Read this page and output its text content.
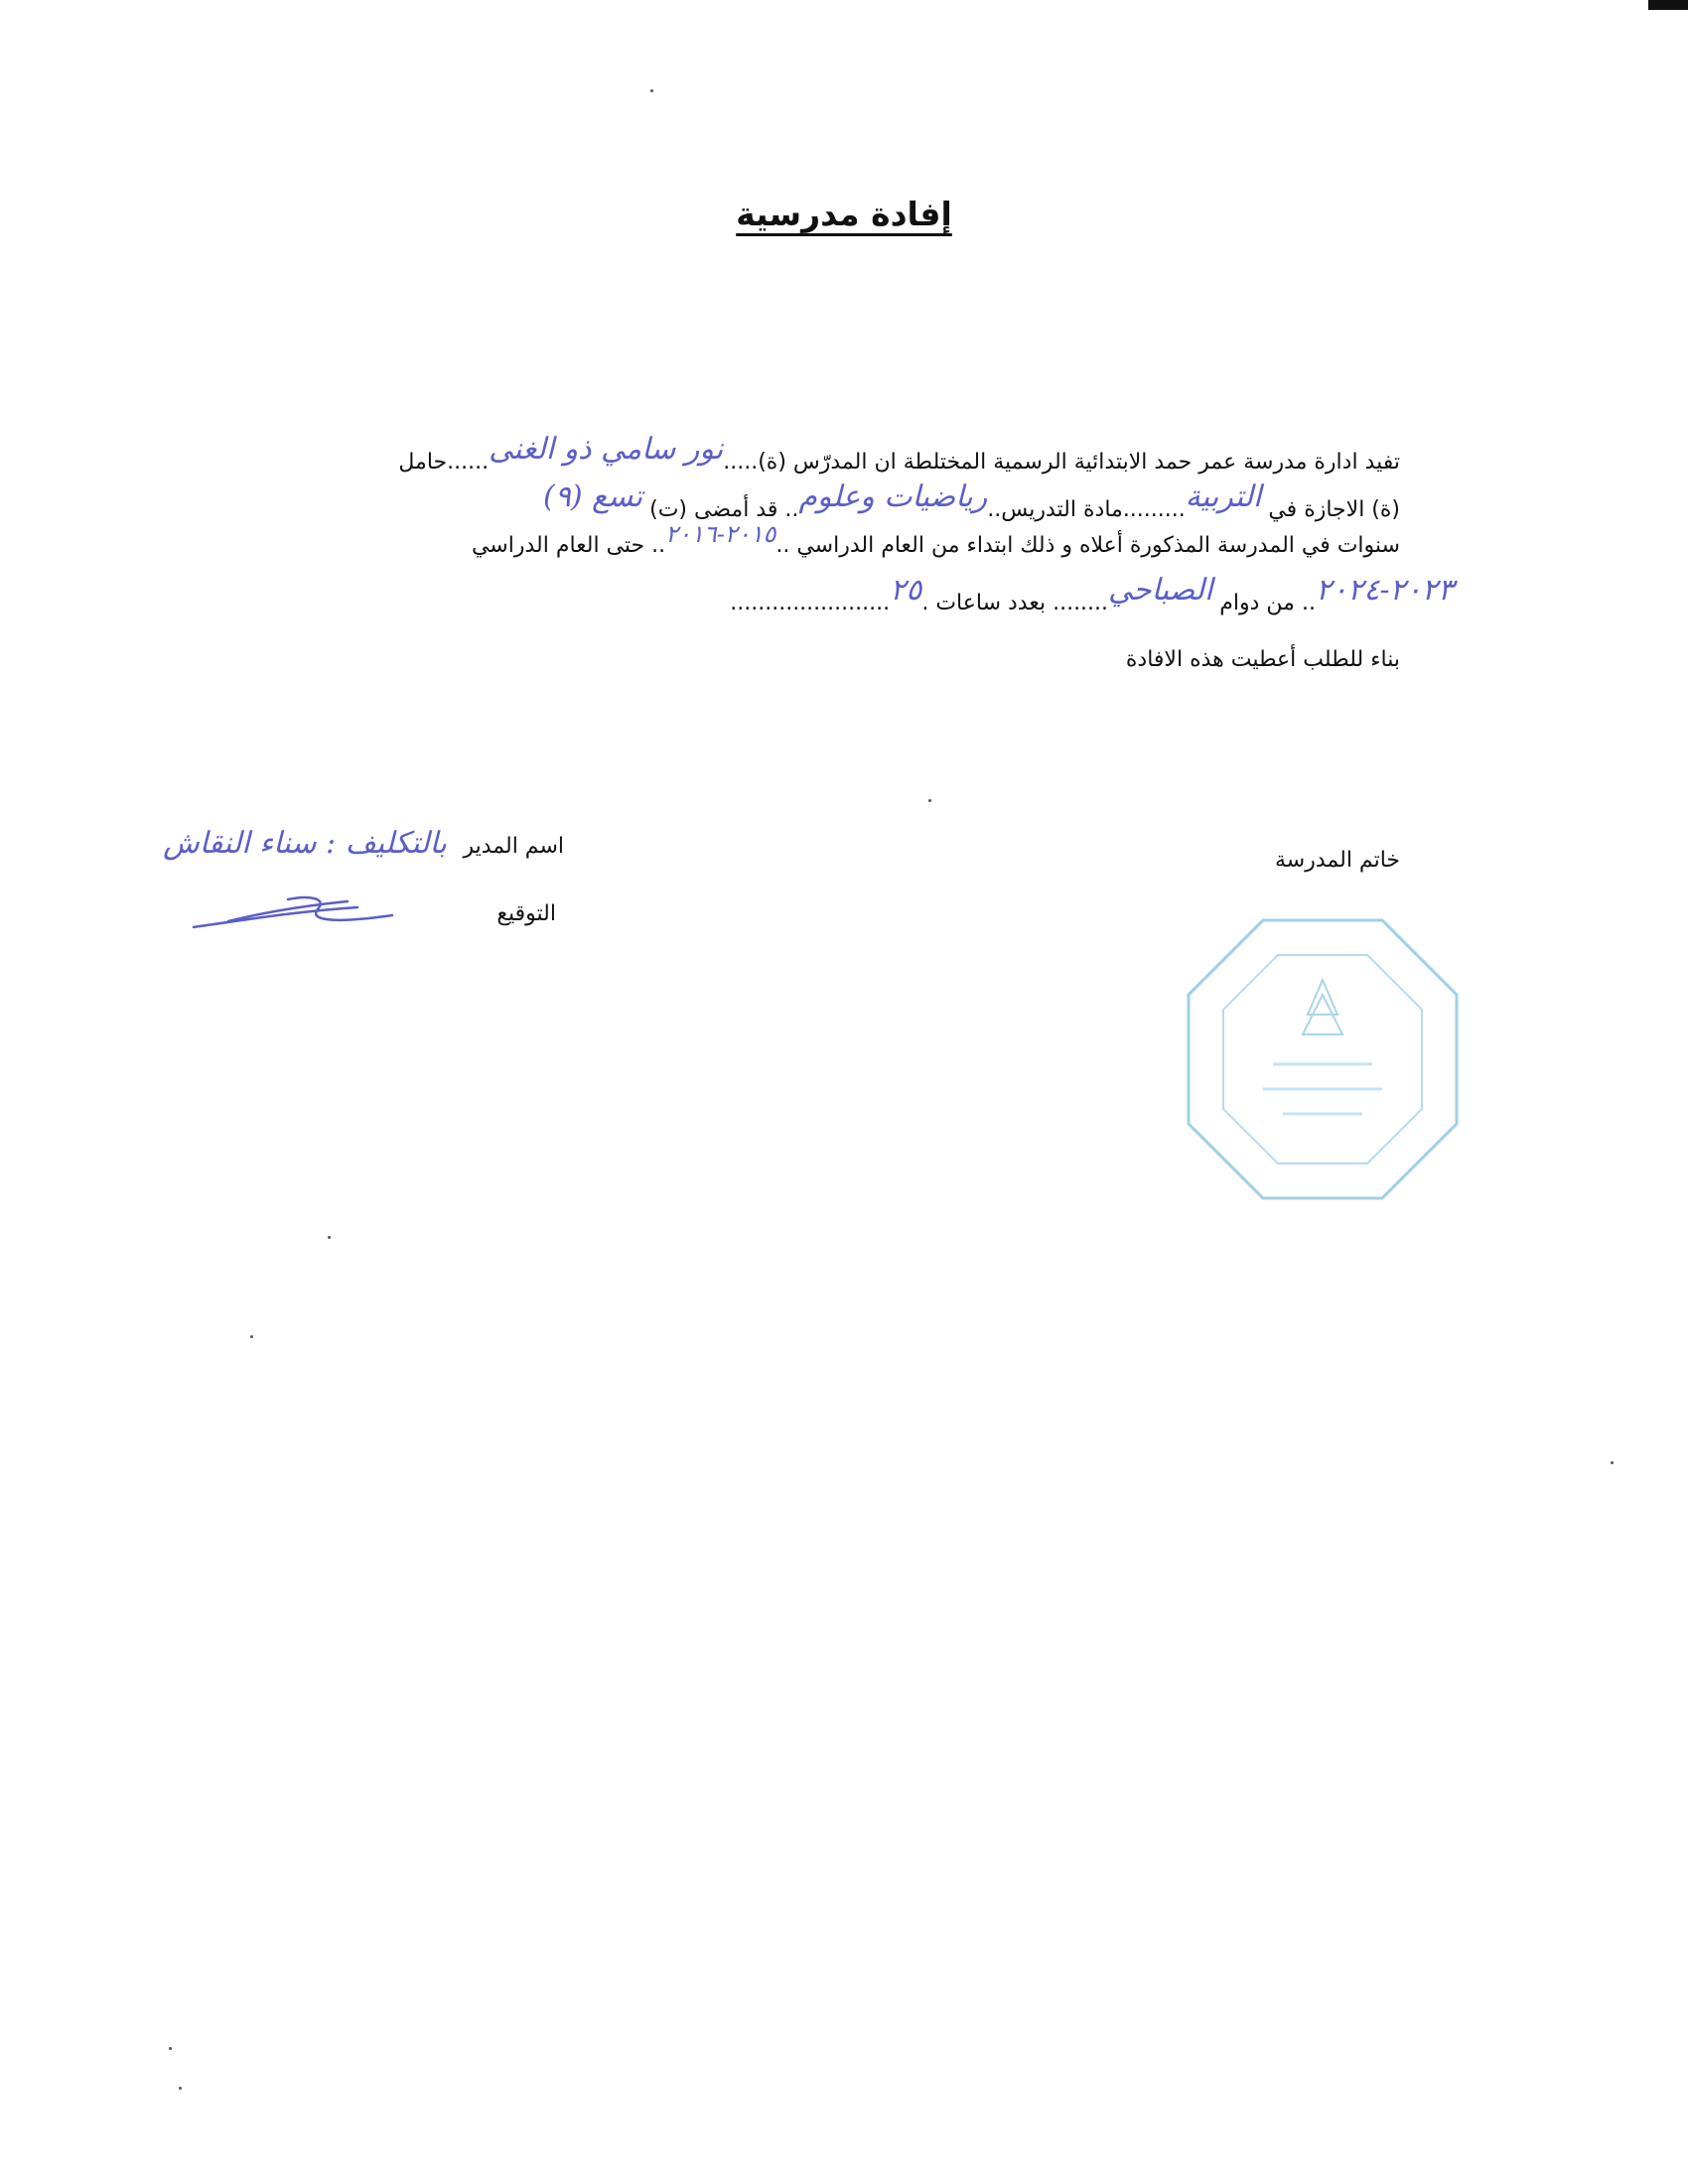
إفادة مدرسية
تفيد ادارة مدرسة عمر حمد الابتدائية الرسمية المختلطة ان المدرّس (ة).....نور سامي ذو الغنى......حامل
(ة) الاجازة في التربية.........مادة التدريس..رياضيات وعلوم.. قد أمضى (ت) تسع (٩)
سنوات في المدرسة المذكورة أعلاه و ذلك ابتداء من العام الدراسي ..٢٠١٥-٢٠١٦.. حتى العام الدراسي
٢٠٢٣-٢٠٢٤.. من دوام الصباحي........ بعدد ساعات .٢٥.......................
بناء للطلب أعطيت هذه الافادة
اسم المدير
بالتكليف : سناء النقاش
التوقيع
خاتم المدرسة
